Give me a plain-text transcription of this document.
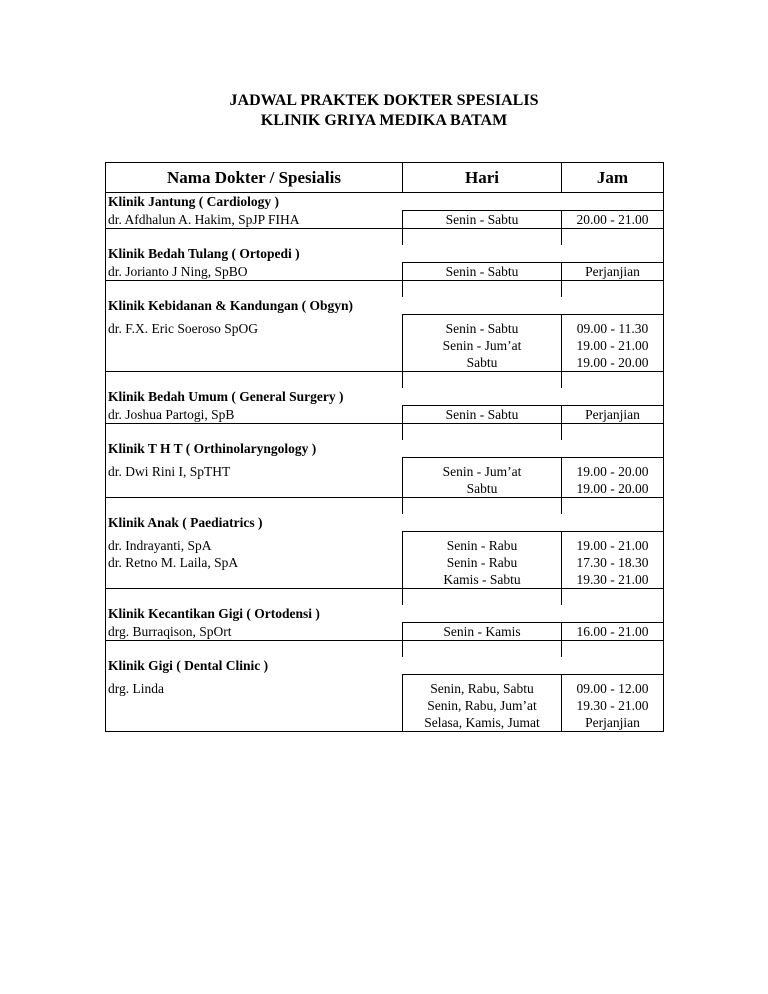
JADWAL PRAKTEK DOKTER SPESIALIS
KLINIK GRIYA MEDIKA BATAM
Nama Dokter / Spesialis	Hari	Jam
Klinik Jantung ( Cardiology )		
dr. Afdhalun A. Hakim, SpJP FIHA	Senin - Sabtu	20.00 - 21.00

Klinik Bedah Tulang ( Ortopedi )		
dr. Jorianto J Ning, SpBO	Senin - Sabtu	Perjanjian

Klinik Kebidanan & Kandungan ( Obgyn)		
dr. F.X. Eric Soeroso SpOG	Senin - Sabtu	09.00 - 11.30
	Senin - Jum’at	19.00 - 21.00
	Sabtu	19.00 - 20.00

Klinik Bedah Umum ( General Surgery )		
dr. Joshua Partogi, SpB	Senin - Sabtu	Perjanjian

Klinik T H T ( Orthinolaryngology )		
dr. Dwi Rini I, SpTHT	Senin - Jum’at	19.00 - 20.00
	Sabtu	19.00 - 20.00

Klinik Anak ( Paediatrics )		
dr. Indrayanti, SpA	Senin - Rabu	19.00 - 21.00
dr. Retno M. Laila, SpA	Senin - Rabu	17.30 - 18.30
	Kamis - Sabtu	19.30 - 21.00

Klinik Kecantikan Gigi ( Ortodensi )		
drg. Burraqison, SpOrt	Senin - Kamis	16.00 - 21.00

Klinik Gigi ( Dental Clinic )		
drg. Linda	Senin, Rabu, Sabtu	09.00 - 12.00
	Senin, Rabu, Jum’at	19.30 - 21.00
	Selasa, Kamis, Jumat	Perjanjian
